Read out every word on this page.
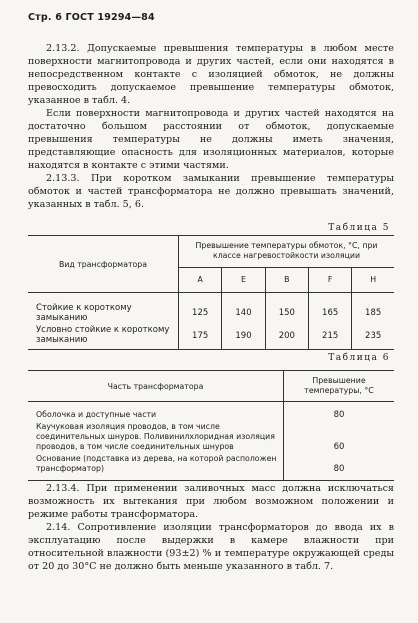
Стр. 6 ГОСТ 19294—84

2.13.2. Допускаемые превышения температуры в любом месте поверхности магнитопровода и других частей, если они находятся в непосредственном контакте с изоляцией обмоток, не должны превосходить допускаемое превышение температуры обмоток, указанное в табл. 4.

Если поверхности магнитопровода и других частей находятся на достаточно большом расстоянии от обмоток, допускаемые превышения температуры не должны иметь значения, представляющие опасность для изоляционных материалов, которые находятся в контакте с этими частями.

2.13.3. При коротком замыкании превышение температуры обмоток и частей трансформатора не должно превышать значений, указанных в табл. 5, 6.

Таблица 5
Вид трансформатора	Превышение температуры обмоток, °С, при классе нагревостойкости изоляции				
	А	Е	В	F	Н
Стойкие к короткому замыканию	125	140	150	165	185
Условно стойкие к короткому замыканию	175	190	200	215	235
Таблица 6
Часть трансформатора	Превышение температуры, °С
Оболочка и доступные части	80
Каучуковая изоляция проводов, в том числе соединительных шнуров. Поливинилхлоридная изоляция проводов, в том числе соединительных шнуров	60
Основание (подставка из дерева, на которой расположен трансформатор)	80

2.13.4. При применении заливочных масс должна исключаться возможность их вытекания при любом возможном положении и режиме работы трансформатора.

2.14. Сопротивление изоляции трансформаторов до ввода их в эксплуатацию после выдержки в камере влажности при относительной влажности (93±2) % и температуре окружающей среды от 20 до 30°С не должно быть меньше указанного в табл. 7.
